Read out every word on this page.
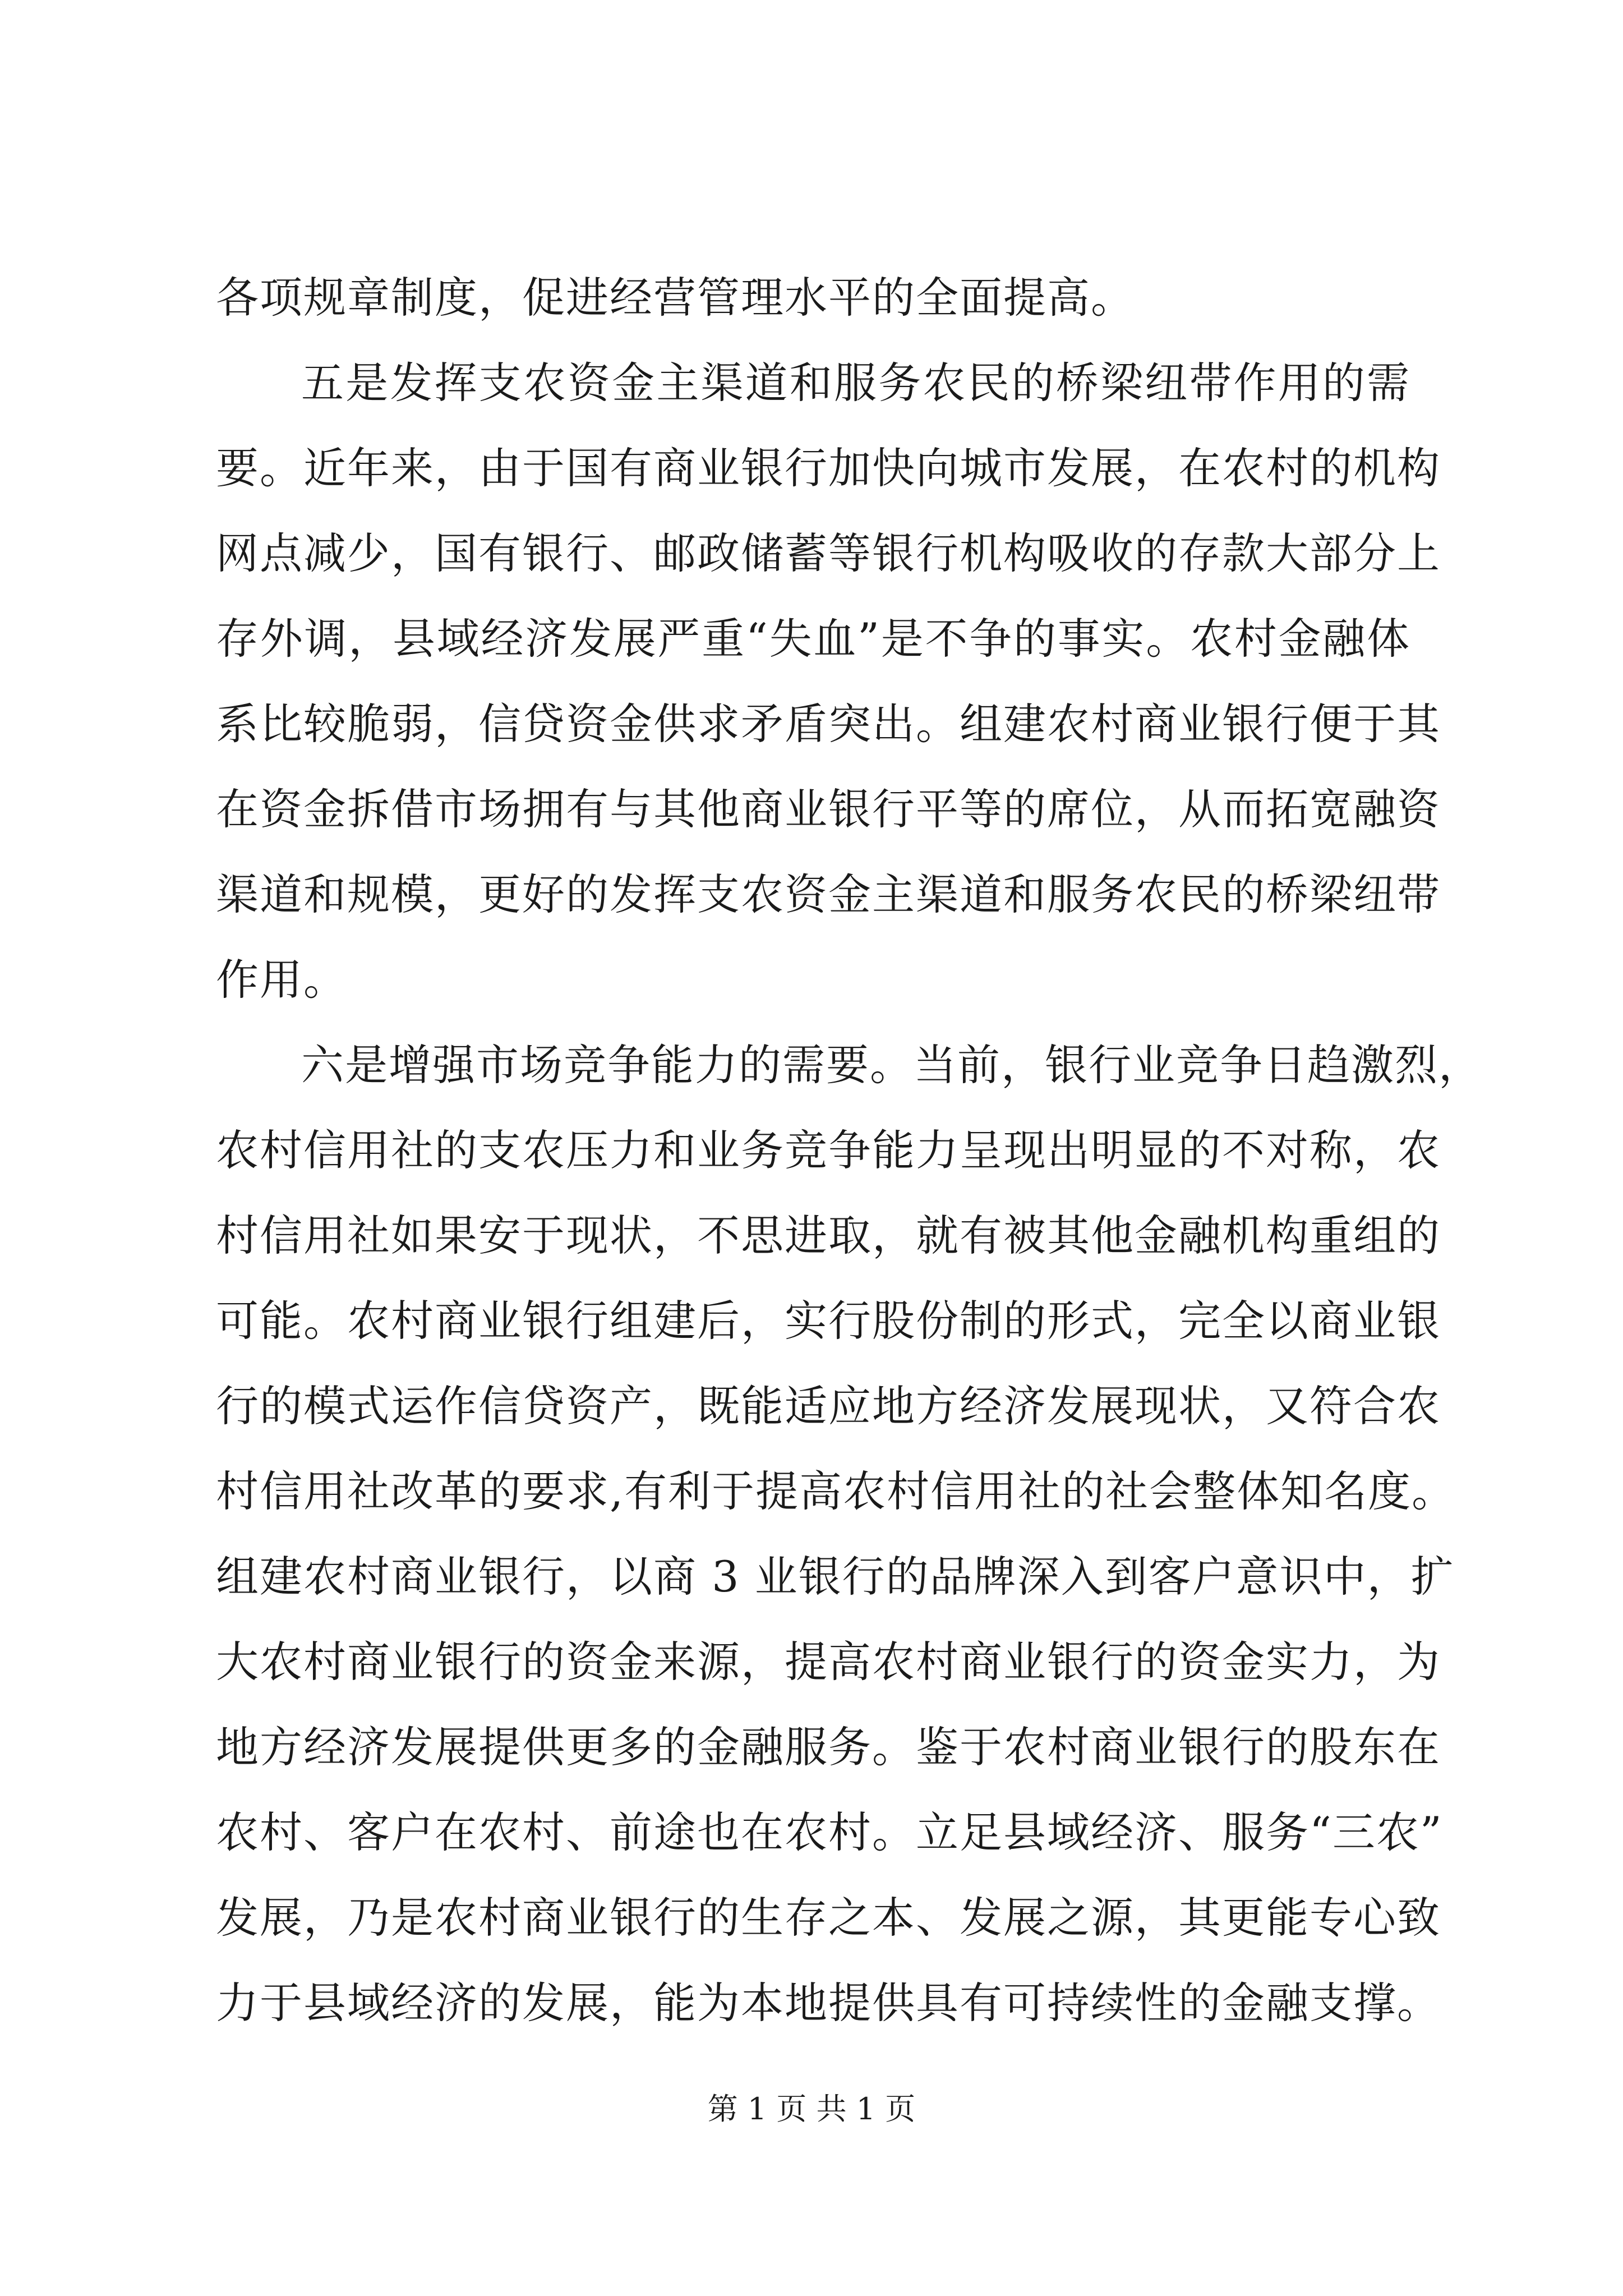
各项规章制度，促进经营管理水平的全面提高。
五是发挥支农资金主渠道和服务农民的桥梁纽带作用的需
要。近年来，由于国有商业银行加快向城市发展，在农村的机构
网点减少，国有银行、邮政储蓄等银行机构吸收的存款大部分上
存外调，县域经济发展严重“失血”是不争的事实。农村金融体
系比较脆弱，信贷资金供求矛盾突出。组建农村商业银行便于其
在资金拆借市场拥有与其他商业银行平等的席位，从而拓宽融资
渠道和规模，更好的发挥支农资金主渠道和服务农民的桥梁纽带
作用。
六是增强市场竞争能力的需要。当前，银行业竞争日趋激烈，
农村信用社的支农压力和业务竞争能力呈现出明显的不对称，农
村信用社如果安于现状，不思进取，就有被其他金融机构重组的
可能。农村商业银行组建后，实行股份制的形式，完全以商业银
行的模式运作信贷资产，既能适应地方经济发展现状，又符合农
村信用社改革的要求,有利于提高农村信用社的社会整体知名度。
组建农村商业银行，以商 3 业银行的品牌深入到客户意识中，扩
大农村商业银行的资金来源，提高农村商业银行的资金实力，为
地方经济发展提供更多的金融服务。鉴于农村商业银行的股东在
农村、客户在农村、前途也在农村。立足县域经济、服务“三农”
发展，乃是农村商业银行的生存之本、发展之源，其更能专心致
力于县域经济的发展，能为本地提供具有可持续性的金融支撑。
第 1 页 共 1 页
